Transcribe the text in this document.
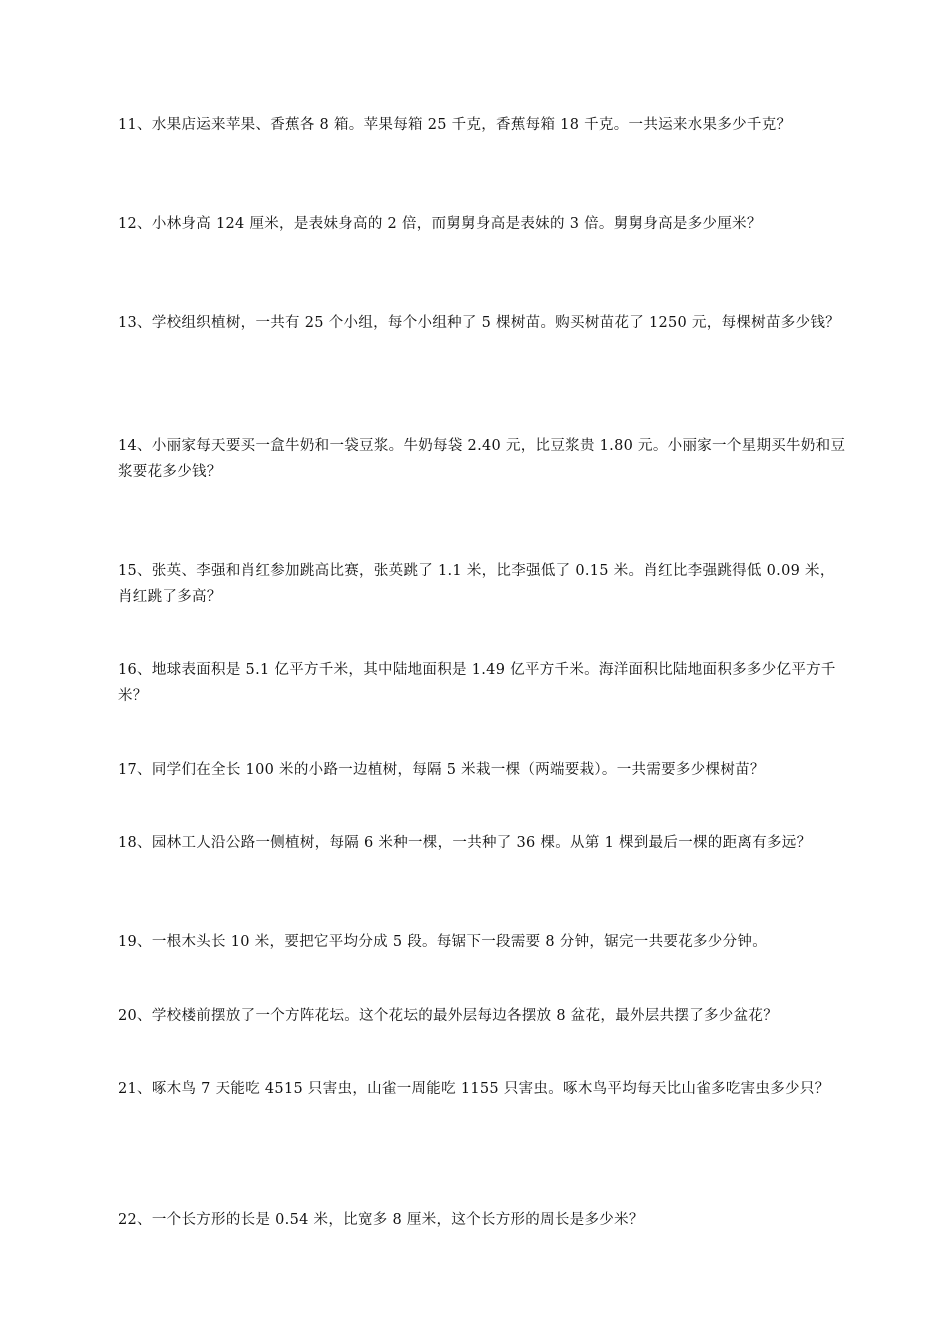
11、水果店运来苹果、香蕉各 8 箱。苹果每箱 25 千克，香蕉每箱 18 千克。一共运来水果多少千克？

12、小林身高 124 厘米，是表妹身高的 2 倍，而舅舅身高是表妹的 3 倍。舅舅身高是多少厘米？

13、学校组织植树，一共有 25 个小组，每个小组种了 5 棵树苗。购买树苗花了 1250 元，每棵树苗多少钱？

14、小丽家每天要买一盒牛奶和一袋豆浆。牛奶每袋 2.40 元，比豆浆贵 1.80 元。小丽家一个星期买牛奶和豆浆要花多少钱？

15、张英、李强和肖红参加跳高比赛，张英跳了 1.1 米，比李强低了 0.15 米。肖红比李强跳得低 0.09 米，肖红跳了多高？

16、地球表面积是 5.1 亿平方千米，其中陆地面积是 1.49 亿平方千米。海洋面积比陆地面积多多少亿平方千米？

17、同学们在全长 100 米的小路一边植树，每隔 5 米栽一棵（两端要栽）。一共需要多少棵树苗？

18、园林工人沿公路一侧植树，每隔 6 米种一棵，一共种了 36 棵。从第 1 棵到最后一棵的距离有多远？

19、一根木头长 10 米，要把它平均分成 5 段。每锯下一段需要 8 分钟，锯完一共要花多少分钟。

20、学校楼前摆放了一个方阵花坛。这个花坛的最外层每边各摆放 8 盆花，最外层共摆了多少盆花？

21、啄木鸟 7 天能吃 4515 只害虫，山雀一周能吃 1155 只害虫。啄木鸟平均每天比山雀多吃害虫多少只？

22、一个长方形的长是 0.54 米，比宽多 8 厘米，这个长方形的周长是多少米？
